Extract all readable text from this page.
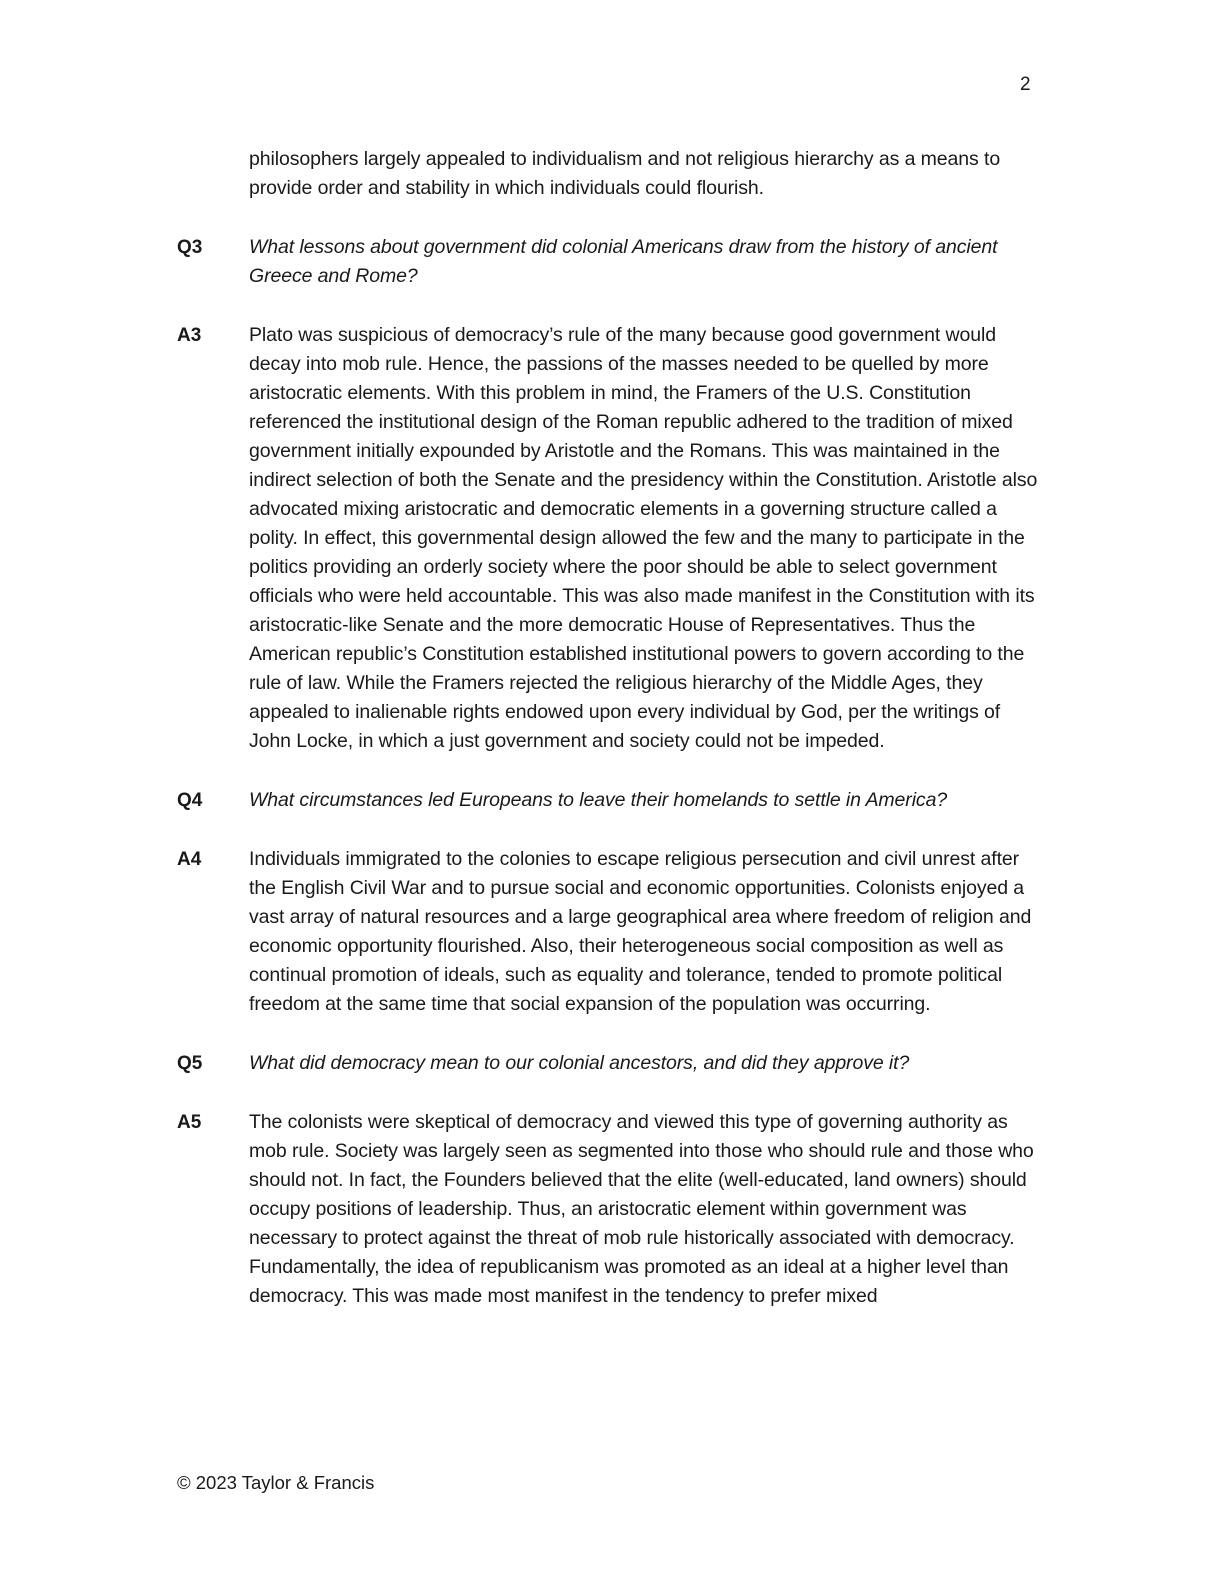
2
philosophers largely appealed to individualism and not religious hierarchy as a means to provide order and stability in which individuals could flourish.
Q3 What lessons about government did colonial Americans draw from the history of ancient Greece and Rome?
A3 Plato was suspicious of democracy’s rule of the many because good government would decay into mob rule. Hence, the passions of the masses needed to be quelled by more aristocratic elements. With this problem in mind, the Framers of the U.S. Constitution referenced the institutional design of the Roman republic adhered to the tradition of mixed government initially expounded by Aristotle and the Romans. This was maintained in the indirect selection of both the Senate and the presidency within the Constitution. Aristotle also advocated mixing aristocratic and democratic elements in a governing structure called a polity. In effect, this governmental design allowed the few and the many to participate in the politics providing an orderly society where the poor should be able to select government officials who were held accountable. This was also made manifest in the Constitution with its aristocratic-like Senate and the more democratic House of Representatives. Thus the American republic’s Constitution established institutional powers to govern according to the rule of law. While the Framers rejected the religious hierarchy of the Middle Ages, they appealed to inalienable rights endowed upon every individual by God, per the writings of John Locke, in which a just government and society could not be impeded.
Q4 What circumstances led Europeans to leave their homelands to settle in America?
A4 Individuals immigrated to the colonies to escape religious persecution and civil unrest after the English Civil War and to pursue social and economic opportunities. Colonists enjoyed a vast array of natural resources and a large geographical area where freedom of religion and economic opportunity flourished. Also, their heterogeneous social composition as well as continual promotion of ideals, such as equality and tolerance, tended to promote political freedom at the same time that social expansion of the population was occurring.
Q5 What did democracy mean to our colonial ancestors, and did they approve it?
A5 The colonists were skeptical of democracy and viewed this type of governing authority as mob rule. Society was largely seen as segmented into those who should rule and those who should not. In fact, the Founders believed that the elite (well-educated, land owners) should occupy positions of leadership. Thus, an aristocratic element within government was necessary to protect against the threat of mob rule historically associated with democracy. Fundamentally, the idea of republicanism was promoted as an ideal at a higher level than democracy. This was made most manifest in the tendency to prefer mixed
© 2023 Taylor & Francis
